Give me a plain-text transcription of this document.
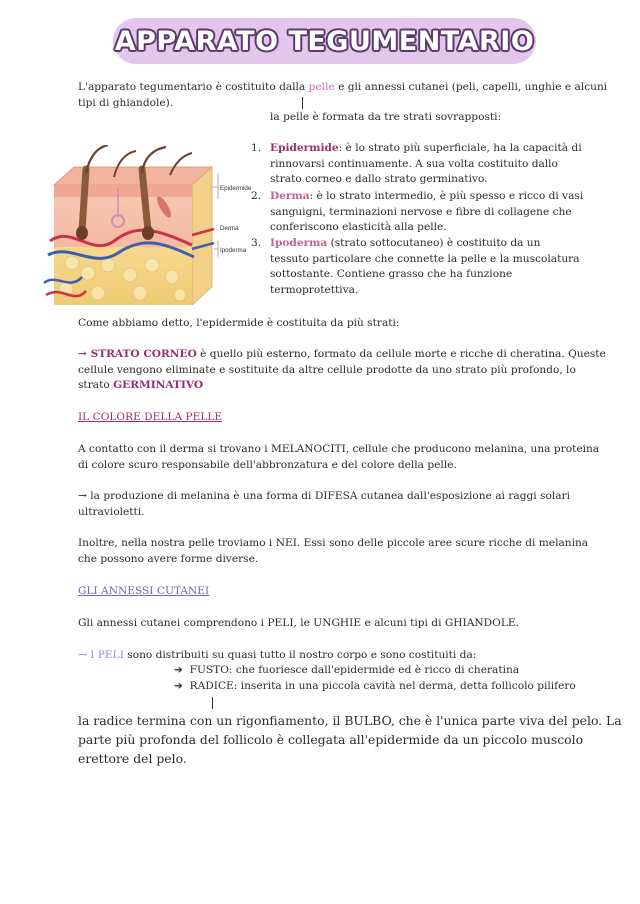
APPARATO TEGUMENTARIO

L'apparato tegumentario è costituito dalla pelle e gli annessi cutanei (peli, capelli, unghie e alcuni
tipi di ghiandole).

la pelle è formata da tre strati sovrapposti:

Epidermide
Derma
Ipoderma
1. Epidermide: è lo strato più superficiale, ha la capacità di
rinnovarsi continuamente. A sua volta costituito dallo
strato corneo e dallo strato germinativo.

2. Derma: è lo strato intermedio, è più spesso e ricco di vasi
sanguigni, terminazioni nervose e fibre di collagene che
conferiscono elasticità alla pelle.

3. Ipoderma (strato sottocutaneo) è costituito da un
tessuto particolare che connette la pelle e la muscolatura
sottostante. Contiene grasso che ha funzione
termoprotettiva.

Come abbiamo detto, l'epidermide è costituita da più strati:

→ STRATO CORNEO è quello più esterno, formato da cellule morte e ricche di cheratina. Queste
cellule vengono eliminate e sostituite da altre cellule prodotte da uno strato più profondo, lo
strato GERMINATIVO

IL COLORE DELLA PELLE

A contatto con il derma si trovano i MELANOCITI, cellule che producono melanina, una proteina
di colore scuro responsabile dell'abbronzatura e del colore della pelle.

→ la produzione di melanina è una forma di DIFESA cutanea dall'esposizione ai raggi solari
ultravioletti.

Inoltre, nella nostra pelle troviamo i NEI. Essi sono delle piccole aree scure ricche di melanina
che possono avere forme diverse.

GLI ANNESSI CUTANEI

Gli annessi cutanei comprendono i PELI, le UNGHIE e alcuni tipi di GHIANDOLE.

→ I PELI sono distribuiti su quasi tutto il nostro corpo e sono costituiti da:

➔ FUSTO: che fuoriesce dall'epidermide ed è ricco di cheratina

➔ RADICE: inserita in una piccola cavità nel derma, detta follicolo pilifero

la radice termina con un rigonfiamento, il BULBO, che è l'unica parte viva del pelo. La
parte più profonda del follicolo è collegata all'epidermide da un piccolo muscolo
erettore del pelo.
